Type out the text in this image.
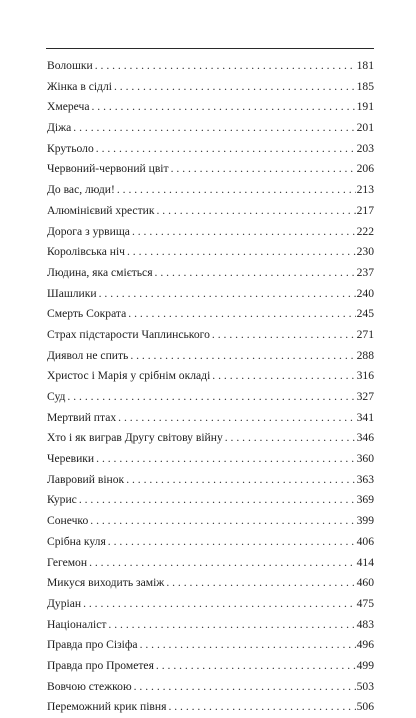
Волошки . . .	181
Жінка в сідлі . . .	185
Хмереча . . .	191
Діжа . . .	201
Крутьоло . . .	203
Червоний-червоний цвіт . . .	206
До вас, люди! . . .	213
Алюмінієвий хрестик . . .	217
Дорога з урвища . . .	222
Королівська ніч . . .	230
Людина, яка сміється . . .	237
Шашлики . . .	240
Смерть Сократа . . .	245
Страх підстарости Чаплинського . . .	271
Диявол не спить . . .	288
Христос і Марія у срібнім окладі . . .	316
Суд . . .	327
Мертвий птах . . .	341
Хто і як виграв Другу світову війну . . .	346
Черевики . . .	360
Лавровий вінок . . .	363
Курис . . .	369
Сонечко . . .	399
Срібна куля . . .	406
Гегемон . . .	414
Микуся виходить заміж . . .	460
Дуріан . . .	475
Націоналіст . . .	483
Правда про Сізіфа . . .	496
Правда про Прометея . . .	499
Вовчою стежкою . . .	503
Переможний крик півня . . .	506
